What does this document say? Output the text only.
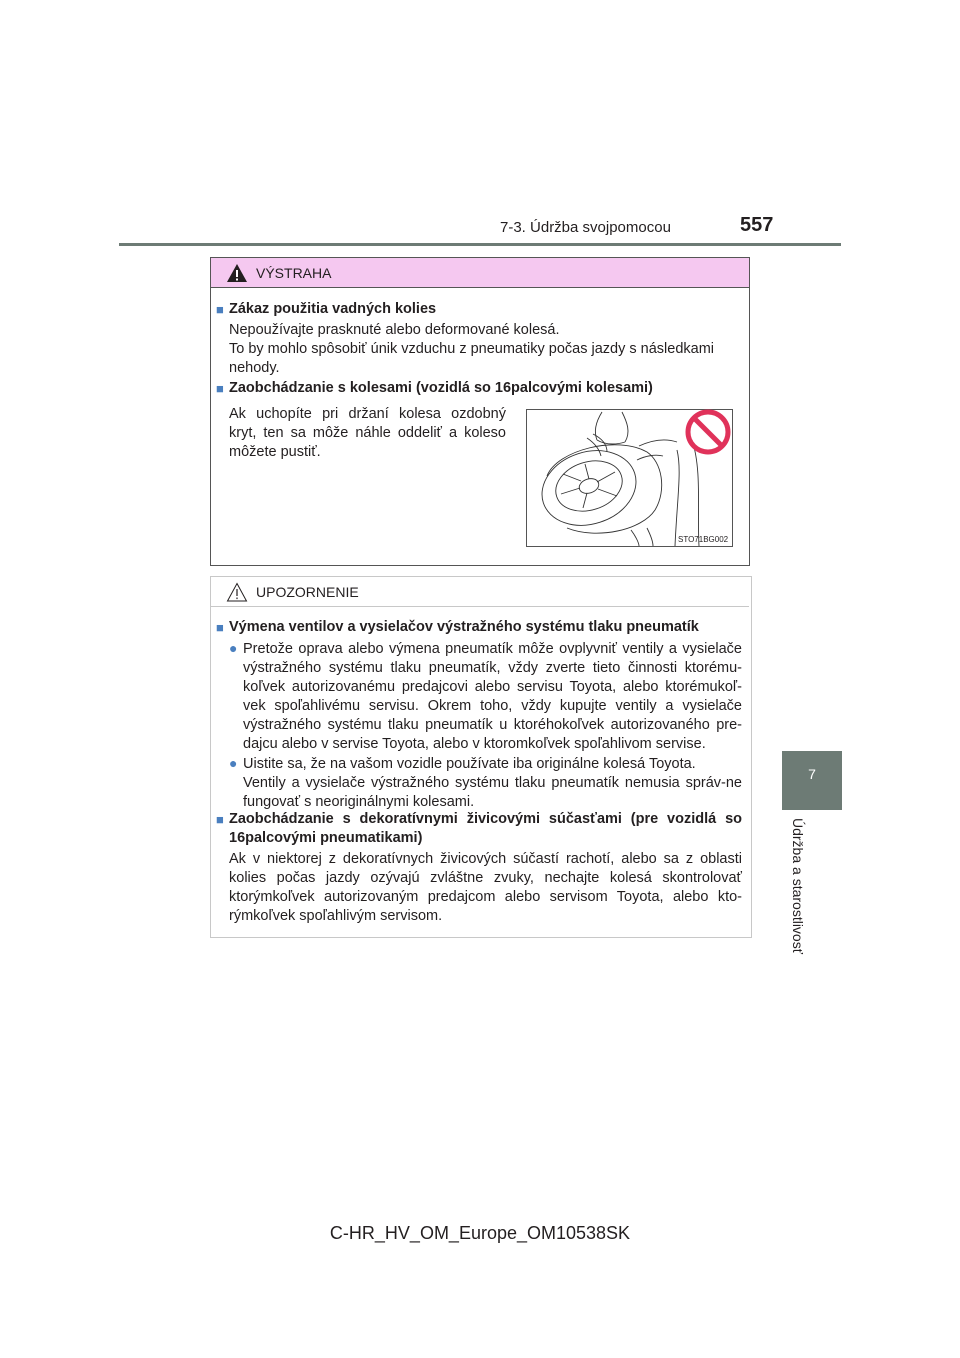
7-3. Údržba svojpomocou	557
7
Údržba a starostlivosť
VÝSTRAHA
■ Zákaz použitia vadných kolies
Nepoužívajte prasknuté alebo deformované kolesá.
To by mohlo spôsobiť únik vzduchu z pneumatiky počas jazdy s následkami nehody.
■ Zaobchádzanie s kolesami (vozidlá so 16palcovými kolesami)
Ak uchopíte pri držaní kolesa ozdobný kryt, ten sa môže náhle oddeliť a koleso môžete pustiť.
STO71BG002
UPOZORNENIE
■ Výmena ventilov a vysielačov výstražného systému tlaku pneumatík
● Pretože oprava alebo výmena pneumatík môže ovplyvniť ventily a vysielače výstražného systému tlaku pneumatík, vždy zverte tieto činnosti ktorému-koľvek autorizovanému predajcovi alebo servisu Toyota, alebo ktorémukoľ-vek spoľahlivému servisu. Okrem toho, vždy kupujte ventily a vysielače výstražného systému tlaku pneumatík u ktoréhokoľvek autorizovaného pre-dajcu alebo v servise Toyota, alebo v ktoromkoľvek spoľahlivom servise.
● Uistite sa, že na vašom vozidle používate iba originálne kolesá Toyota.
Ventily a vysielače výstražného systému tlaku pneumatík nemusia správ-ne fungovať s neoriginálnymi kolesami.
■ Zaobchádzanie s dekoratívnymi živicovými súčasťami (pre vozidlá so 16palcovými pneumatikami)
Ak v niektorej z dekoratívnych živicových súčastí rachotí, alebo sa z oblasti kolies počas jazdy ozývajú zvláštne zvuky, nechajte kolesá skontrolovať ktorýmkoľvek autorizovaným predajcom alebo servisom Toyota, alebo kto-rýmkoľvek spoľahlivým servisom.
C-HR_HV_OM_Europe_OM10538SK
